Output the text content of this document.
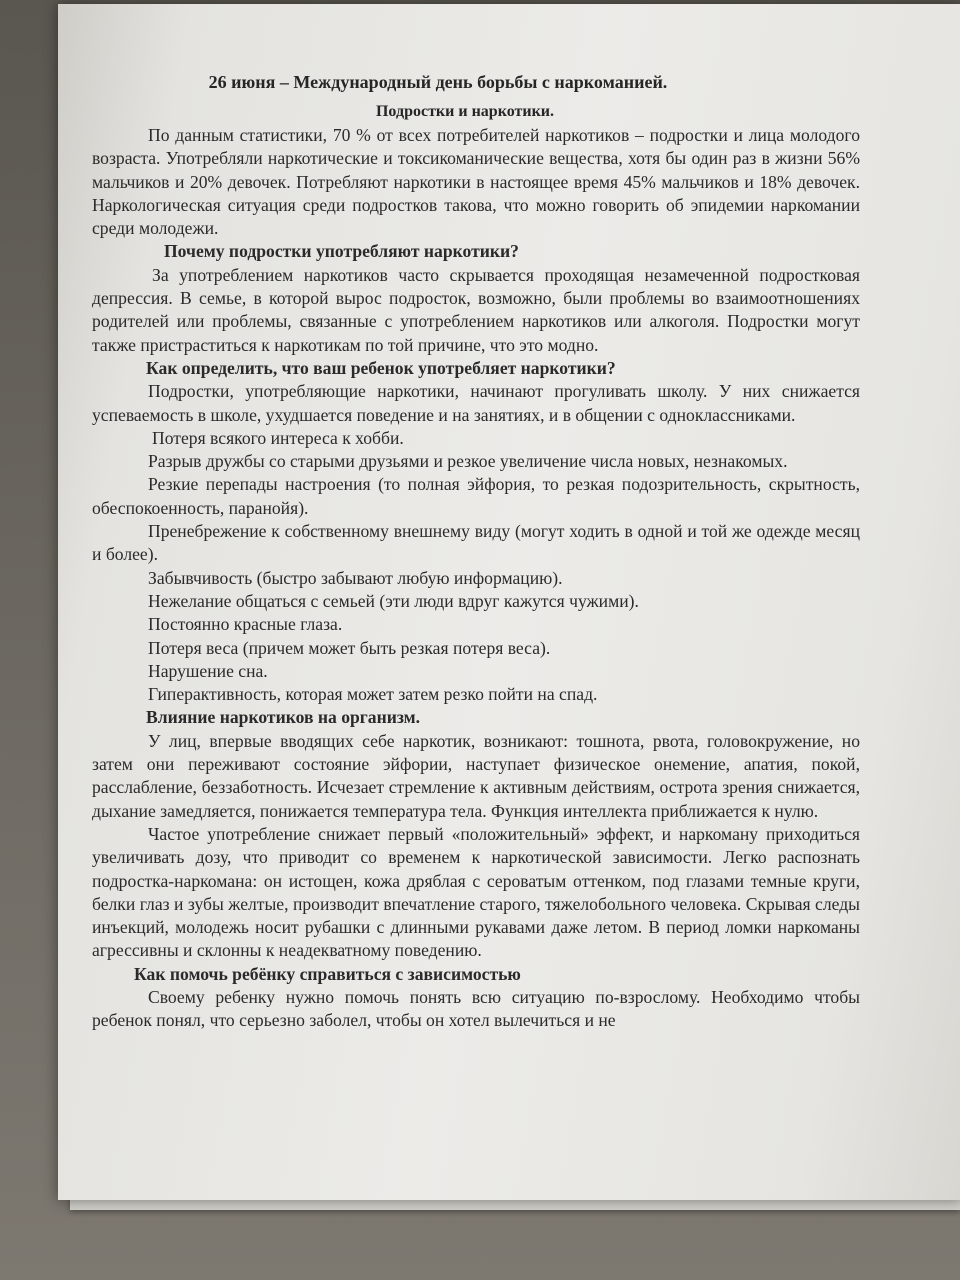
26 июня – Международный день борьбы с наркоманией.
Подростки и наркотики.

По данным статистики, 70 % от всех потребителей наркотиков – подростки и лица молодого возраста. Употребляли наркотические и токсикоманические вещества, хотя бы один раз в жизни 56% мальчиков и 20% девочек. Потребляют наркотики в настоящее время 45% мальчиков и 18% девочек. Наркологическая ситуация среди подростков такова, что можно говорить об эпидемии наркомании среди молодежи.

Почему подростки употребляют наркотики?

За употреблением наркотиков часто скрывается проходящая незамеченной подростковая депрессия. В семье, в которой вырос подросток, возможно, были проблемы во взаимоотношениях родителей или проблемы, связанные с употреблением наркотиков или алкоголя. Подростки могут также пристраститься к наркотикам по той причине, что это модно.

Как определить, что ваш ребенок употребляет наркотики?

Подростки, употребляющие наркотики, начинают прогуливать школу. У них снижается успеваемость в школе, ухудшается поведение и на занятиях, и в общении с одноклассниками.

Потеря всякого интереса к хобби.

Разрыв дружбы со старыми друзьями и резкое увеличение числа новых, незнакомых.

Резкие перепады настроения (то полная эйфория, то резкая подозрительность, скрытность, обеспокоенность, паранойя).

Пренебрежение к собственному внешнему виду (могут ходить в одной и той же одежде месяц и более).

Забывчивость (быстро забывают любую информацию).

Нежелание общаться с семьей (эти люди вдруг кажутся чужими).

Постоянно красные глаза.

Потеря веса (причем может быть резкая потеря веса).

Нарушение сна.

Гиперактивность, которая может затем резко пойти на спад.

Влияние наркотиков на организм.

У лиц, впервые вводящих себе наркотик, возникают: тошнота, рвота, головокружение, но затем они переживают состояние эйфории, наступает физическое онемение, апатия, покой, расслабление, беззаботность. Исчезает стремление к активным действиям, острота зрения снижается, дыхание замедляется, понижается температура тела. Функция интеллекта приближается к нулю.

Частое употребление снижает первый «положительный» эффект, и наркоману приходиться увеличивать дозу, что приводит со временем к наркотической зависимости. Легко распознать подростка-наркомана: он истощен, кожа дряблая с сероватым оттенком, под глазами темные круги, белки глаз и зубы желтые, производит впечатление старого, тяжелобольного человека. Скрывая следы инъекций, молодежь носит рубашки с длинными рукавами даже летом. В период ломки наркоманы агрессивны и склонны к неадекватному поведению.

Как помочь ребёнку справиться с зависимостью

Своему ребенку нужно помочь понять всю ситуацию по-взрослому. Необходимо чтобы ребенок понял, что серьезно заболел, чтобы он хотел вылечиться и не
